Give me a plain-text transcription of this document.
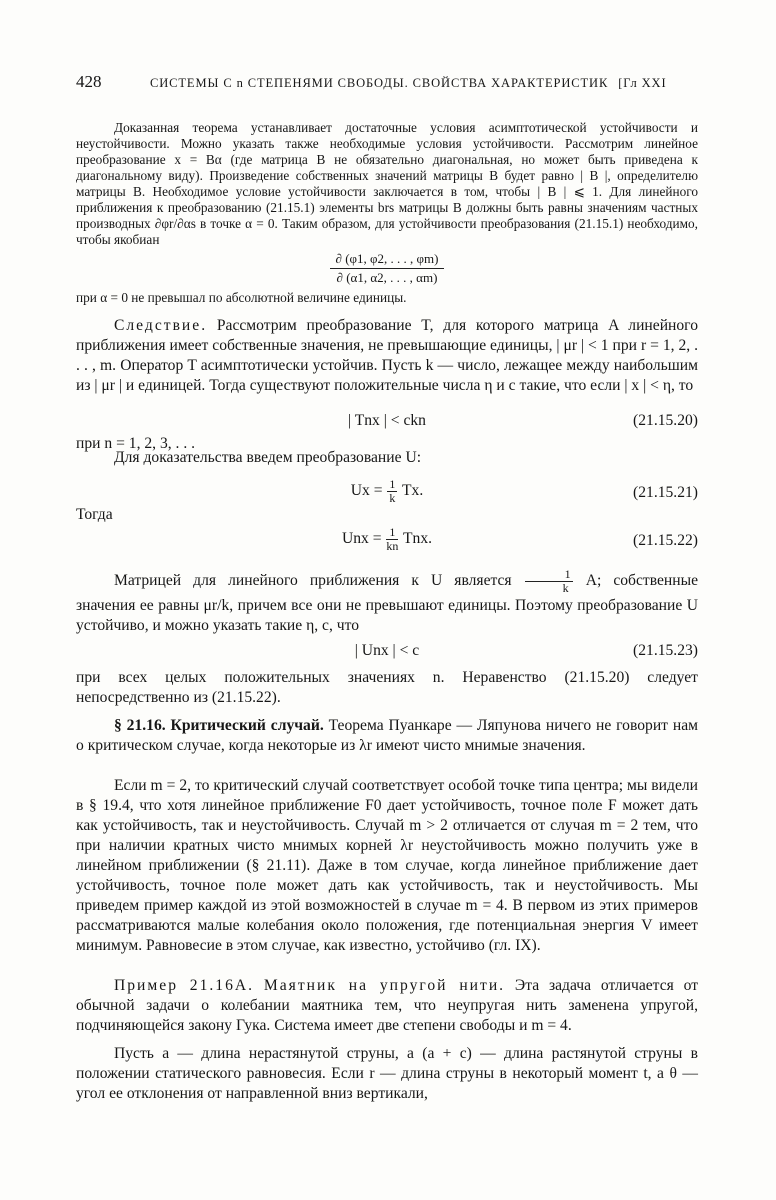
428	СИСТЕМЫ С n СТЕПЕНЯМИ СВОБОДЫ. СВОЙСТВА ХАРАКТЕРИСТИК [Гл XXI

Доказанная теорема устанавливает достаточные условия асимптотической устойчивости и неустойчивости. Можно указать также необходимые условия устойчивости. Рассмотрим линейное преобразование x = Bα (где матрица B не обязательно диагональная, но может быть приведена к диагональному виду). Произведение собственных значений матрицы B будет равно | B |, определителю матрицы B. Необходимое условие устойчивости заключается в том, чтобы | B | ⩽ 1. Для линейного приближения к преобразованию (21.15.1) элементы brs матрицы B должны быть равны значениям частных производных ∂φr/∂αs в точке α = 0. Таким образом, для устойчивости преобразования (21.15.1) необходимо, чтобы якобиан

$\frac{\partial (\varphi 1, \varphi 2, . . . , \varphi m)}{\partial (\alpha 1, \alpha 2, . . . , \alpha m)}$

при α = 0 не превышал по абсолютной величине единицы.

Следствие. Рассмотрим преобразование T, для которого матрица A линейного приближения имеет собственные значения, не превышающие единицы, | μr | < 1 при r = 1, 2, . . . , m. Оператор T асимптотически устойчив. Пусть k — число, лежащее между наибольшим из | μr | и единицей. Тогда существуют положительные числа η и c такие, что если | x | < η, то

| Tnx | < ckn	(21.15.20)

при n = 1, 2, 3, . . .

Для доказательства введем преобразование U:

$Ux = \frac{1}{k} Tx$.	(21.15.21)
Тогда
Unx = $\frac{1}{kn}$ Tnx.	(21.15.22)

Матрицей для линейного приближения к U является $\frac{1}{k} A$; собственные

значения ее равны μr/k, причем все они не превышают единицы. Поэтому преобразование U устойчиво, и можно указать такие η, c, что

| Unx | < c	(21.15.23)

при всех целых положительных значениях n. Неравенство (21.15.20) следует непосредственно из (21.15.22).

§ 21.16. Критический случай. Теорема Пуанкаре — Ляпунова ничего не говорит нам о критическом случае, когда некоторые из λr имеют чисто мнимые значения.

Если m = 2, то критический случай соответствует особой точке типа центра; мы видели в § 19.4, что хотя линейное приближение F0 дает устойчивость, точное поле F может дать как устойчивость, так и неустойчивость. Случай m > 2 отличается от случая m = 2 тем, что при наличии кратных чисто мнимых корней λr неустойчивость можно получить уже в линейном приближении (§ 21.11). Даже в том случае, когда линейное приближение дает устойчивость, точное поле может дать как устойчивость, так и неустойчивость. Мы приведем пример каждой из этой возможностей в случае m = 4. В первом из этих примеров рассматриваются малые колебания около положения, где потенциальная энергия V имеет минимум. Равновесие в этом случае, как известно, устойчиво (гл. IX).

Пример 21.16А. Маятник на упругой нити. Эта задача отличается от обычной задачи о колебании маятника тем, что неупругая нить заменена упругой, подчиняющейся закону Гука. Система имеет две степени свободы и m = 4.

Пусть a — длина нерастянутой струны, а (a + c) — длина растянутой струны в положении статического равновесия. Если r — длина струны в некоторый момент t, а θ — угол ее отклонения от направленной вниз вертикали,
